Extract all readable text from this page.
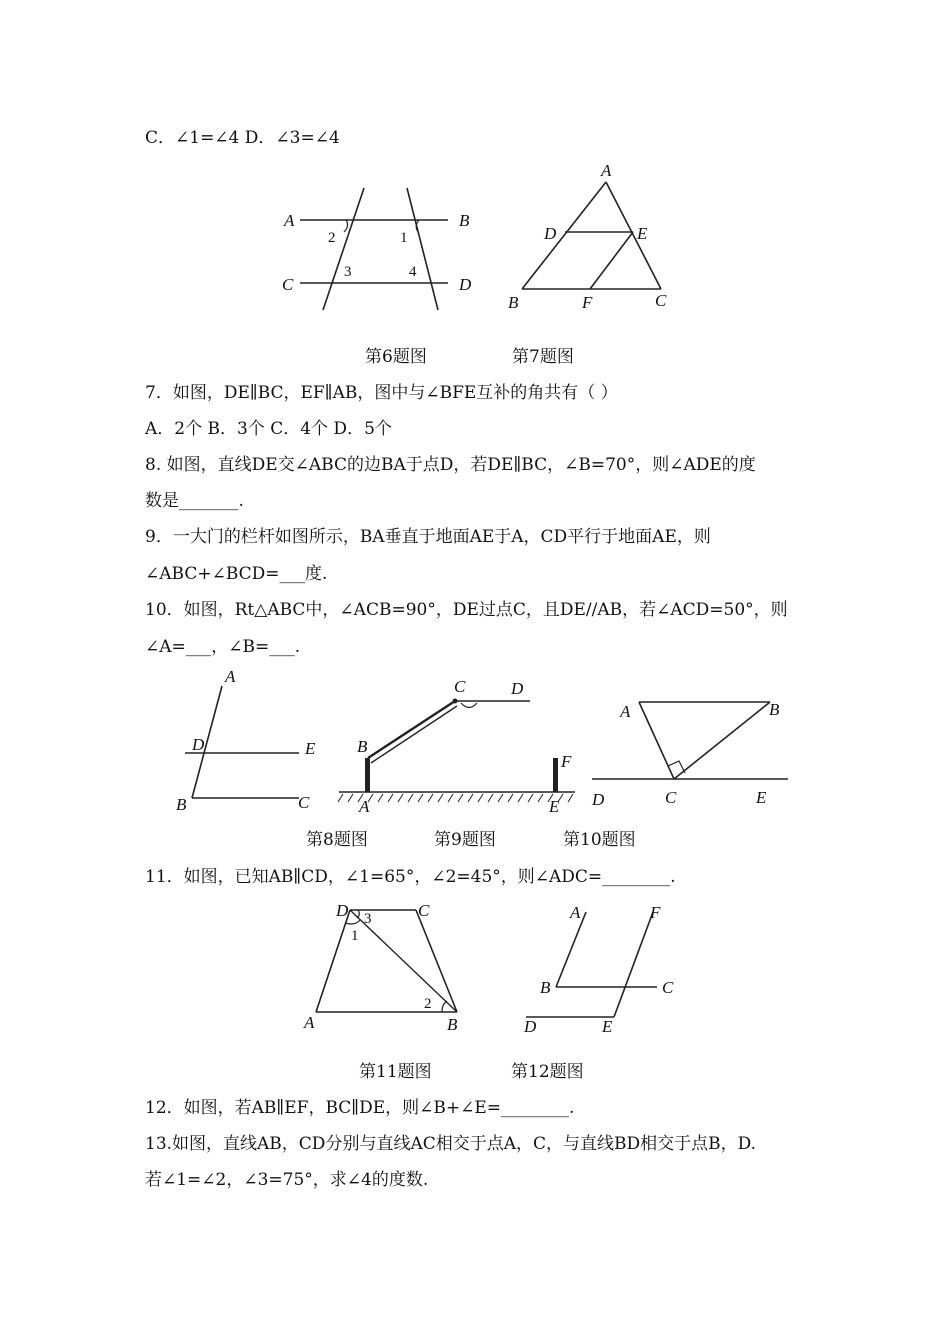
C．∠1=∠4 D．∠3=∠4
A	B
C	D
2	1
3	4
A
D	E
B	F	C
第6题图	第7题图
7．如图，DE∥BC，EF∥AB，图中与∠BFE互补的角共有（ ）
A．2个 B．3个 C．4个 D．5个
8. 如图，直线DE交∠ABC的边BA于点D，若DE∥BC，∠B=70°，则∠ADE的度
数是_______.
9．一大门的栏杆如图所示，BA垂直于地面AE于A，CD平行于地面AE，则
∠ABC+∠BCD=___度.
10．如图，Rt△ABC中，∠ACB=90°，DE过点C，且DE//AB，若∠ACD=50°，则
∠A=___，∠B=___.
A
D	E
B	C
B
C	D
F
A	E
A	B
D	C	E
第8题图	第9题图	第10题图
11．如图，已知AB∥CD，∠1=65°，∠2=45°，则∠ADC=________.
D	C
3
1
2
A	B
A	F
B	C
D	E
第11题图	第12题图
12．如图，若AB∥EF，BC∥DE，则∠B+∠E=________.
13.如图，直线AB，CD分别与直线AC相交于点A，C，与直线BD相交于点B，D.
若∠1=∠2，∠3=75°，求∠4的度数.
